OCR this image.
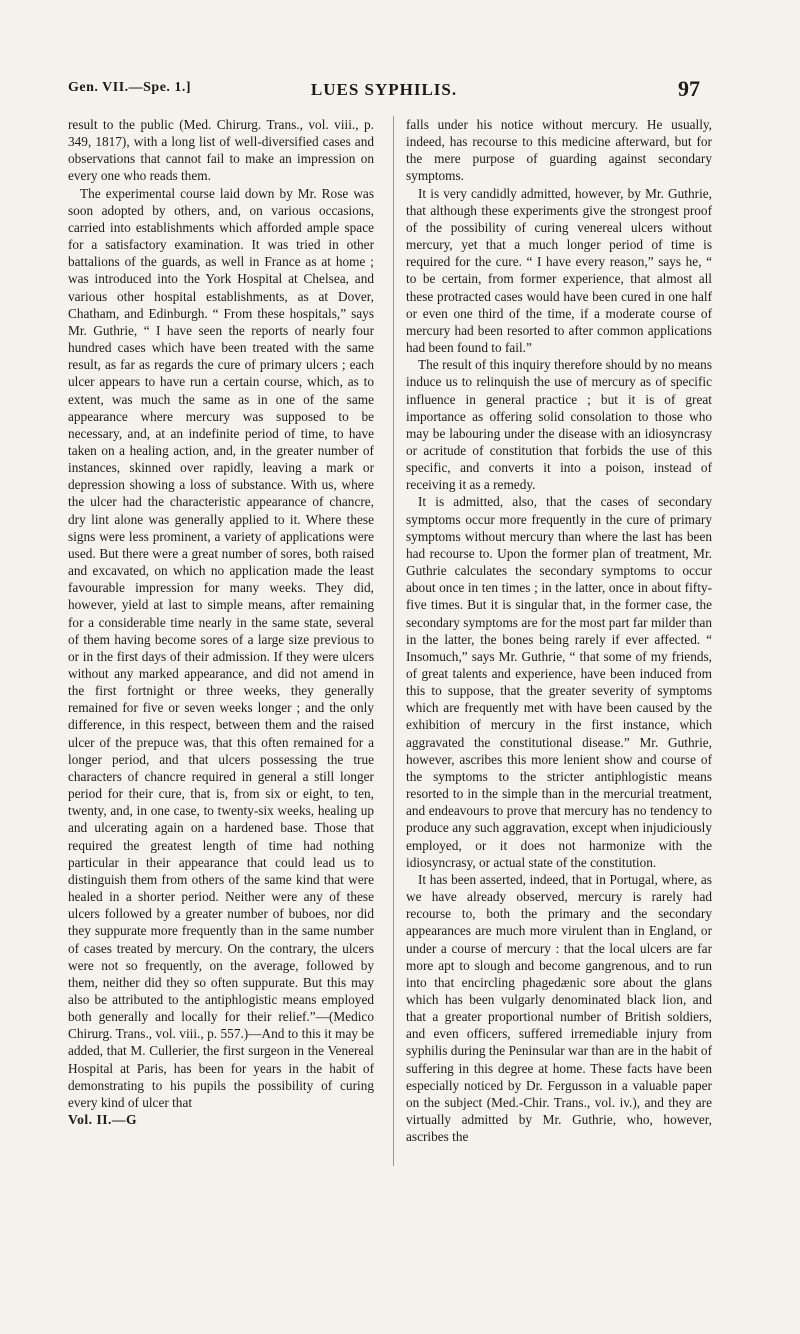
Gen. VII.—Spe. 1.]	LUES SYPHILIS.	97

result to the public (Med. Chirurg. Trans., vol. viii., p. 349, 1817), with a long list of well-diversified cases and observations that cannot fail to make an impression on every one who reads them.

The experimental course laid down by Mr. Rose was soon adopted by others, and, on various occasions, carried into establishments which afforded ample space for a satisfactory examination. It was tried in other battalions of the guards, as well in France as at home ; was introduced into the York Hospital at Chelsea, and various other hospital establishments, as at Dover, Chatham, and Edinburgh. “ From these hospitals,” says Mr. Guthrie, “ I have seen the reports of nearly four hundred cases which have been treated with the same result, as far as regards the cure of primary ulcers ; each ulcer appears to have run a certain course, which, as to extent, was much the same as in one of the same appearance where mercury was supposed to be necessary, and, at an indefinite period of time, to have taken on a healing action, and, in the greater number of instances, skinned over rapidly, leaving a mark or depression showing a loss of substance. With us, where the ulcer had the characteristic appearance of chancre, dry lint alone was generally applied to it. Where these signs were less prominent, a variety of applications were used. But there were a great number of sores, both raised and excavated, on which no application made the least favourable impression for many weeks. They did, however, yield at last to simple means, after remaining for a considerable time nearly in the same state, several of them having become sores of a large size previous to or in the first days of their admission. If they were ulcers without any marked appearance, and did not amend in the first fortnight or three weeks, they generally remained for five or seven weeks longer ; and the only difference, in this respect, between them and the raised ulcer of the prepuce was, that this often remained for a longer period, and that ulcers possessing the true characters of chancre required in general a still longer period for their cure, that is, from six or eight, to ten, twenty, and, in one case, to twenty-six weeks, healing up and ulcerating again on a hardened base. Those that required the greatest length of time had nothing particular in their appearance that could lead us to distinguish them from others of the same kind that were healed in a shorter period. Neither were any of these ulcers followed by a greater number of buboes, nor did they suppurate more frequently than in the same number of cases treated by mercury. On the contrary, the ulcers were not so frequently, on the average, followed by them, neither did they so often suppurate. But this may also be attributed to the antiphlogistic means employed both generally and locally for their relief.”—(Medico Chirurg. Trans., vol. viii., p. 557.)—And to this it may be added, that M. Cullerier, the first surgeon in the Venereal Hospital at Paris, has been for years in the habit of demonstrating to his pupils the possibility of curing every kind of ulcer that

Vol. II.—G

falls under his notice without mercury. He usually, indeed, has recourse to this medicine afterward, but for the mere purpose of guarding against secondary symptoms.

It is very candidly admitted, however, by Mr. Guthrie, that although these experiments give the strongest proof of the possibility of curing venereal ulcers without mercury, yet that a much longer period of time is required for the cure. “ I have every reason,” says he, “ to be certain, from former experience, that almost all these protracted cases would have been cured in one half or even one third of the time, if a moderate course of mercury had been resorted to after common applications had been found to fail.”

The result of this inquiry therefore should by no means induce us to relinquish the use of mercury as of specific influence in general practice ; but it is of great importance as offering solid consolation to those who may be labouring under the disease with an idiosyncrasy or acritude of constitution that forbids the use of this specific, and converts it into a poison, instead of receiving it as a remedy.

It is admitted, also, that the cases of secondary symptoms occur more frequently in the cure of primary symptoms without mercury than where the last has been had recourse to. Upon the former plan of treatment, Mr. Guthrie calculates the secondary symptoms to occur about once in ten times ; in the latter, once in about fifty-five times. But it is singular that, in the former case, the secondary symptoms are for the most part far milder than in the latter, the bones being rarely if ever affected. “ Insomuch,” says Mr. Guthrie, “ that some of my friends, of great talents and experience, have been induced from this to suppose, that the greater severity of symptoms which are frequently met with have been caused by the exhibition of mercury in the first instance, which aggravated the constitutional disease.” Mr. Guthrie, however, ascribes this more lenient show and course of the symptoms to the stricter antiphlogistic means resorted to in the simple than in the mercurial treatment, and endeavours to prove that mercury has no tendency to produce any such aggravation, except when injudiciously employed, or it does not harmonize with the idiosyncrasy, or actual state of the constitution.

It has been asserted, indeed, that in Portugal, where, as we have already observed, mercury is rarely had recourse to, both the primary and the secondary appearances are much more virulent than in England, or under a course of mercury : that the local ulcers are far more apt to slough and become gangrenous, and to run into that encircling phagedænic sore about the glans which has been vulgarly denominated black lion, and that a greater proportional number of British soldiers, and even officers, suffered irremediable injury from syphilis during the Peninsular war than are in the habit of suffering in this degree at home. These facts have been especially noticed by Dr. Fergusson in a valuable paper on the subject (Med.-Chir. Trans., vol. iv.), and they are virtually admitted by Mr. Guthrie, who, however, ascribes the
